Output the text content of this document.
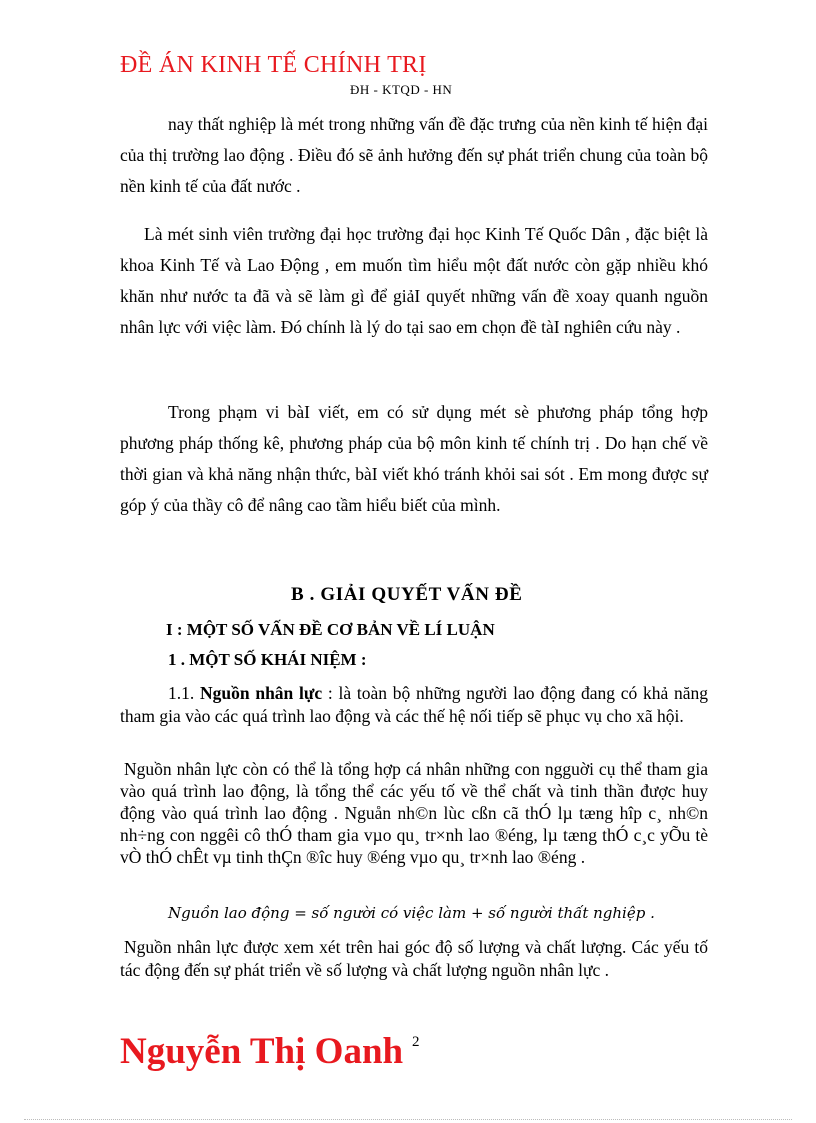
ĐỀ ÁN KINH TẾ CHÍNH TRỊ
ĐH - KTQD - HN

nay thất nghiệp là mét trong những vấn đề đặc trưng của nền kinh tế hiện đại của thị trường lao động . Điều đó sẽ ảnh hưởng đến sự phát triển chung của toàn bộ nền kinh tế của đất nước .

Là mét sinh viên trường đại học trường đại học Kinh Tế Quốc Dân , đặc biệt là khoa Kinh Tế và Lao Động , em muốn tìm hiểu một đất nước còn gặp nhiều khó khăn như nước ta đã và sẽ làm gì để giảI quyết những vấn đề xoay quanh nguồn nhân lực với việc làm. Đó chính là lý do tại sao em chọn đề tàI nghiên cứu này .

Trong phạm vi bàI viết, em có sử dụng mét sè phương pháp tổng hợp phương pháp thống kê, phương pháp của bộ môn kinh tế chính trị . Do hạn chế về thời gian và khả năng nhận thức, bàI viết khó tránh khỏi sai sót . Em mong được sự góp ý của thầy cô để nâng cao tầm hiểu biết của mình.

B . GIẢI QUYẾT VẤN ĐỀ
I : MỘT SỐ VẤN ĐỀ CƠ BẢN VỀ LÍ LUẬN
1 . MỘT SỐ KHÁI NIỆM :

1.1. Nguồn nhân lực : là toàn bộ những người lao động đang có khả năng tham gia vào các quá trình lao động và các thế hệ nối tiếp sẽ phục vụ cho xã hội.

Nguồn nhân lực còn có thể là tổng hợp cá nhân những con ngguời cụ thể tham gia vào quá trình lao động, là tổng thể các yếu tố về thể chất và tinh thần được huy động vào quá trình lao động . Nguån nh©n lùc cßn cã thÓ lµ tæng hîp c¸ nh©n nh÷ng con nggêi cô thÓ tham gia vµo qu¸ tr×nh lao ®éng, lµ tæng thÓ c¸c yÕu tè vÒ thÓ chÊt vµ tinh thÇn ®îc huy ®éng vµo qu¸ tr×nh lao ®éng .

Nguồn lao động = số người có việc làm + số người thất nghiệp .

Nguồn nhân lực được xem xét trên hai góc độ số lượng và chất lượng. Các yếu tố tác động đến sự phát triển về số lượng và chất lượng nguồn nhân lực .

Nguyễn Thị Oanh 2
